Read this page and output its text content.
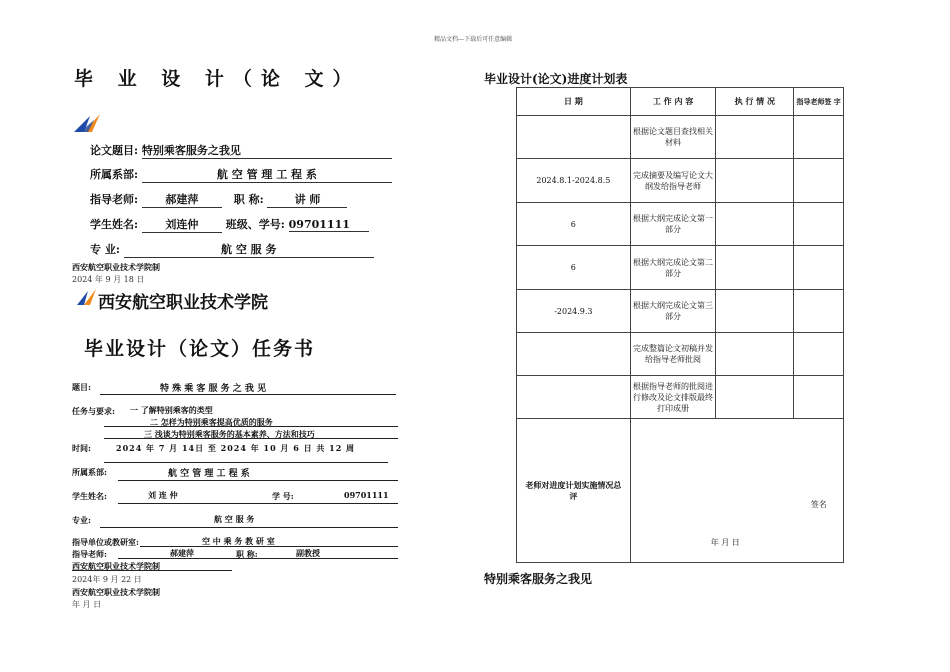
精品文档---下载后可任意编辑
毕 业 设 计（论 文）
论文题目: 特别乘客服务之我见
所属系部:	航 空 管 理 工 程 系
指导老师: 郝建萍	职 称:	讲 师
学生姓名: 刘连仲 班级、学号: 09701111
专 业:	航 空 服 务
西安航空职业技术学院制
2024 年 9 月 18 日
西安航空职业技术学院
毕业设计（论文）任务书
题目:	特 殊 乘 客 服 务 之 我 见
任务与要求: 一 了解特别乘客的类型
二 怎样为特别乘客提高优质的服务
三 浅谈为特别乘客服务的基本素养、方法和技巧
时间:	2024 年 7 月 14日 至 2024 年 10 月 6 日 共 12 周
所属系部:	航 空 管 理 工 程 系
学生姓名:	刘 连 仲	学 号:	09701111
专业:	航 空 服 务
指导单位或教研室:	空 中 乘 务 教 研 室
指导老师:	郝建萍	职 称:	副教授
西安航空职业技术学院制
2024年 9 月 22 日
西安航空职业技术学院制
年 月 日
毕业设计(论文)进度计划表
日 期	工 作 内 容	执 行 情 况	指导老师签 字
	根据论文题目查找相关材料		
2024.8.1-2024.8.5	完成摘要及编写论文大纲发给指导老师		
6	根据大纲完成论文第一部分		
6	根据大纲完成论文第二部分		
-2024.9.3	根据大纲完成论文第三部分		
	完成整篇论文初稿并发给指导老师批阅		
	根据指导老师的批阅进行修改及论文排版最终打印成册		
老师对进度计划实施情况总评	签名
年 月 日		
特别乘客服务之我见
